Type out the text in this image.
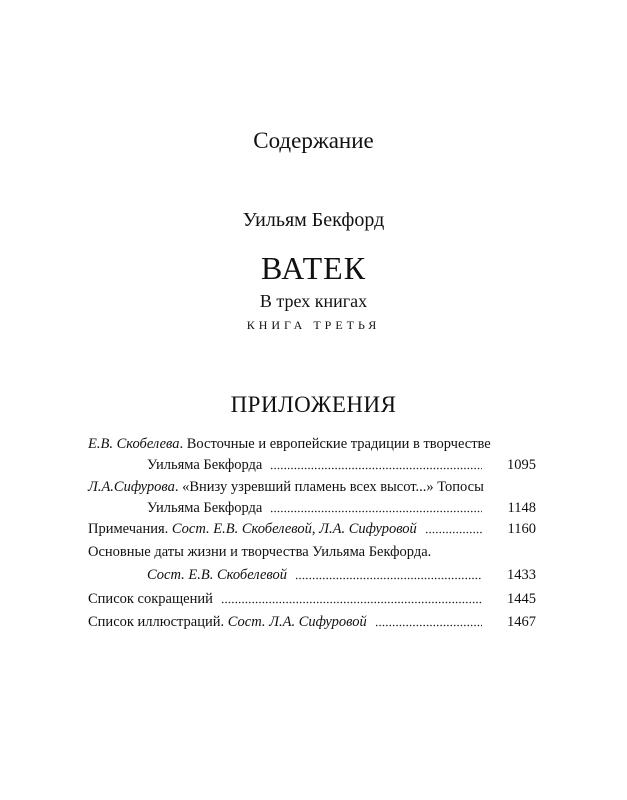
Содержание
Уильям Бекфорд
ВАТЕК
В трех книгах
КНИГА ТРЕТЬЯ
ПРИЛОЖЕНИЯ
Е.В. Скобелева. Восточные и европейские традиции в творчестве
Уильяма Бекфорда	1095
Л.А.Сифурова. «Внизу узревший пламень всех высот...» Топосы
Уильяма Бекфорда	1148
Примечания. Сост. Е.В. Скобелевой, Л.А. Сифуровой	1160
Основные даты жизни и творчества Уильяма Бекфорда.
Сост. Е.В. Скобелевой	1433
Список сокращений	1445
Список иллюстраций. Сост. Л.А. Сифуровой	1467
